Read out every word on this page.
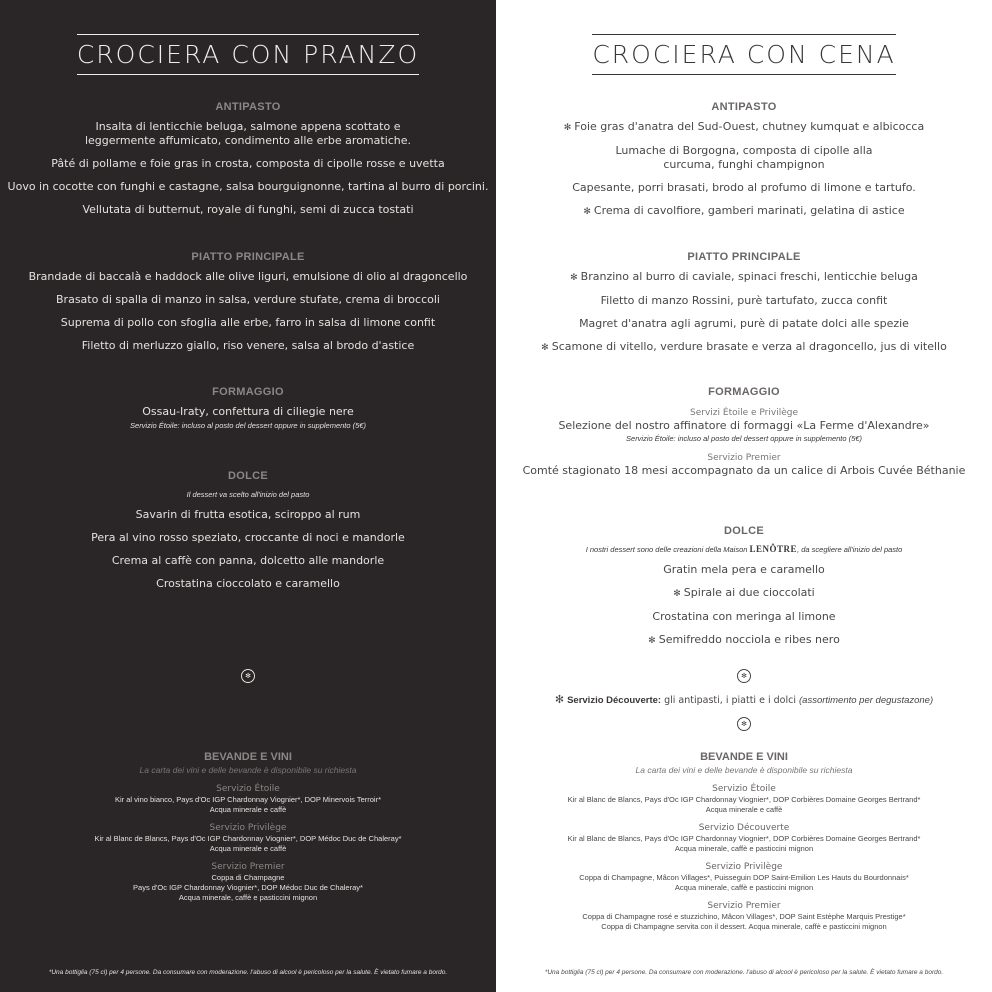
CROCIERA CON PRANZO
ANTIPASTO
Insalta di lenticchie beluga, salmone appena scottato e leggermente affumicato, condimento alle erbe aromatiche.
Pâté di pollame e foie gras in crosta, composta di cipolle rosse e uvetta
Uovo in cocotte con funghi e castagne, salsa bourguignonne, tartina al burro di porcini.
Vellutata di butternut, royale di funghi, semi di zucca tostati
PIATTO PRINCIPALE
Brandade di baccalà e haddock alle olive liguri, emulsione di olio al dragoncello
Brasato di spalla di manzo in salsa, verdure stufate, crema di broccoli
Suprema di pollo con sfoglia alle erbe, farro in salsa di limone confit
Filetto di merluzzo giallo, riso venere, salsa al brodo d'astice
FORMAGGIO
Ossau-Iraty, confettura di ciliegie nere
Servizio Étoile: incluso al posto del dessert oppure in supplemento (5€)
DOLCE
Il dessert va scelto all'inizio del pasto
Savarin di frutta esotica, sciroppo al rum
Pera al vino rosso speziato, croccante di noci e mandorle
Crema al caffè con panna, dolcetto alle mandorle
Crostatina cioccolato e caramello
✻
BEVANDE E VINI
La carta dei vini e delle bevande è disponibile su richiesta
Servizio Étoile
Kir al vino bianco, Pays d'Oc IGP Chardonnay Viognier*, DOP Minervois Terroir*
Acqua minerale e caffè
Servizio Privilège
Kir al Blanc de Blancs, Pays d'Oc IGP Chardonnay Viognier*, DOP Médoc Duc de Chaleray*
Acqua minerale e caffè
Servizio Premier
Coppa di Champagne
Pays d'Oc IGP Chardonnay Viognier*, DOP Médoc Duc de Chaleray*
Acqua minerale, caffè e pasticcini mignon
*Una bottiglia (75 cl) per 4 persone. Da consumare con moderazione. l'abuso di alcool è pericoloso per la salute. È vietato fumare a bordo.
CROCIERA CON CENA
ANTIPASTO
✻ Foie gras d'anatra del Sud-Ouest, chutney kumquat e albicocca
Lumache di Borgogna, composta di cipolle alla curcuma, funghi champignon
Capesante, porri brasati, brodo al profumo di limone e tartufo.
✻ Crema di cavolfiore, gamberi marinati, gelatina di astice
PIATTO PRINCIPALE
✻ Branzino al burro di caviale, spinaci freschi, lenticchie beluga
Filetto di manzo Rossini, purè tartufato, zucca confit
Magret d'anatra agli agrumi, purè di patate dolci alle spezie
✻ Scamone di vitello, verdure brasate e verza al dragoncello, jus di vitello
FORMAGGIO
Servizi Étoile e Privilège
Selezione del nostro affinatore di formaggi «La Ferme d'Alexandre»
Servizio Étoile: incluso al posto del dessert oppure in supplemento (5€)
Servizio Premier
Comté stagionato 18 mesi accompagnato da un calice di Arbois Cuvée Béthanie
DOLCE
I nostri dessert sono delle creazioni della Maison LENÔTRE, da scegliere all'inizio del pasto
Gratin mela pera e caramello
✻ Spirale ai due cioccolati
Crostatina con meringa al limone
✻ Semifreddo nocciola e ribes nero
✻
✻ Servizio Découverte: gli antipasti, i piatti e i dolci (assortimento per degustazone)
✻
BEVANDE E VINI
La carta dei vini e delle bevande è disponibile su richiesta
Servizio Étoile
Kir al Blanc de Blancs, Pays d'Oc IGP Chardonnay Viognier*, DOP Corbières Domaine Georges Bertrand*
Acqua minerale e caffè
Servizio Découverte
Kir al Blanc de Blancs, Pays d'Oc IGP Chardonnay Viognier*, DOP Corbières Domaine Georges Bertrand*
Acqua minerale, caffè e pasticcini mignon
Servizio Privilège
Coppa di Champagne, Mâcon Villages*, Puisseguin DOP Saint-Emilion Les Hauts du Bourdonnais*
Acqua minerale, caffè e pasticcini mignon
Servizio Premier
Coppa di Champagne rosé e stuzzichino, Mâcon Villages*, DOP Saint Estèphe Marquis Prestige*
Coppa di Champagne servita con il dessert. Acqua minerale, caffè e pasticcini mignon
*Una bottiglia (75 cl) per 4 persone. Da consumare con moderazione. l'abuso di alcool è pericoloso per la salute. È vietato fumare a bordo.
